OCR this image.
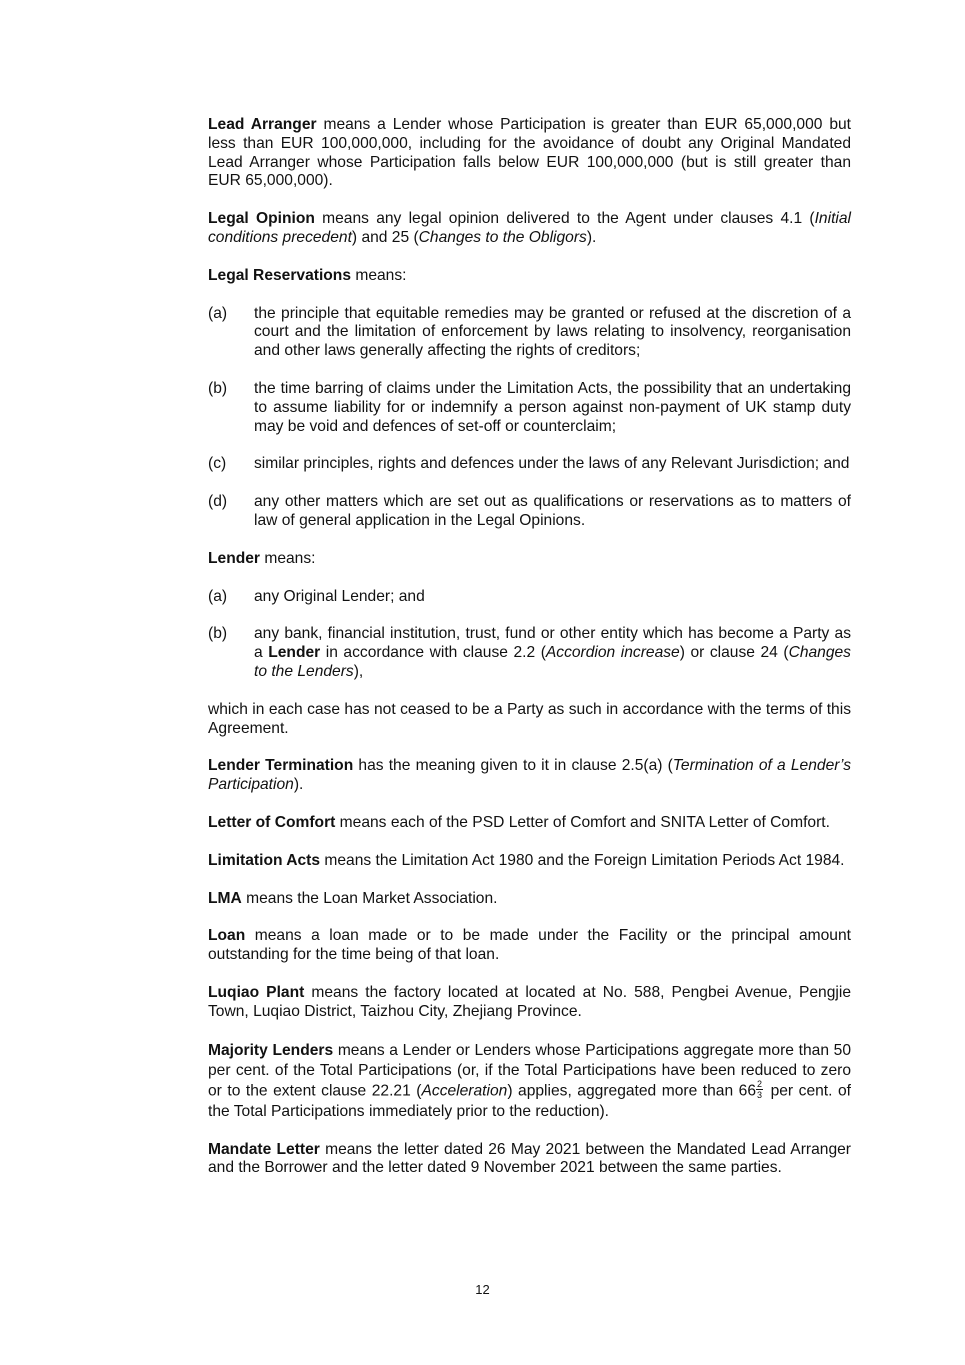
Lead Arranger means a Lender whose Participation is greater than EUR 65,000,000 but less than EUR 100,000,000, including for the avoidance of doubt any Original Mandated Lead Arranger whose Participation falls below EUR 100,000,000 (but is still greater than EUR 65,000,000).

Legal Opinion means any legal opinion delivered to the Agent under clauses 4.1 (Initial conditions precedent) and 25 (Changes to the Obligors).

Legal Reservations means:

(a)	the principle that equitable remedies may be granted or refused at the discretion of a court and the limitation of enforcement by laws relating to insolvency, reorganisation and other laws generally affecting the rights of creditors;
(b)	the time barring of claims under the Limitation Acts, the possibility that an undertaking to assume liability for or indemnify a person against non-payment of UK stamp duty may be void and defences of set-off or counterclaim;
(c)	similar principles, rights and defences under the laws of any Relevant Jurisdiction; and
(d)	any other matters which are set out as qualifications or reservations as to matters of law of general application in the Legal Opinions.

Lender means:

(a)	any Original Lender; and
(b)	any bank, financial institution, trust, fund or other entity which has become a Party as a Lender in accordance with clause 2.2 (Accordion increase) or clause 24 (Changes to the Lenders),

which in each case has not ceased to be a Party as such in accordance with the terms of this Agreement.

Lender Termination has the meaning given to it in clause 2.5(a) (Termination of a Lender’s Participation).

Letter of Comfort means each of the PSD Letter of Comfort and SNITA Letter of Comfort.

Limitation Acts means the Limitation Act 1980 and the Foreign Limitation Periods Act 1984.

LMA means the Loan Market Association.

Loan means a loan made or to be made under the Facility or the principal amount outstanding for the time being of that loan.

Luqiao Plant means the factory located at located at No. 588, Pengbei Avenue, Pengjie Town, Luqiao District, Taizhou City, Zhejiang Province.

Majority Lenders means a Lender or Lenders whose Participations aggregate more than 50 per cent. of the Total Participations (or, if the Total Participations have been reduced to zero or to the extent clause 22.21 (Acceleration) applies, aggregated more than $66 \frac{2}{3}$ per cent. of the Total Participations immediately prior to the reduction).

Mandate Letter means the letter dated 26 May 2021 between the Mandated Lead Arranger and the Borrower and the letter dated 9 November 2021 between the same parties.

12
